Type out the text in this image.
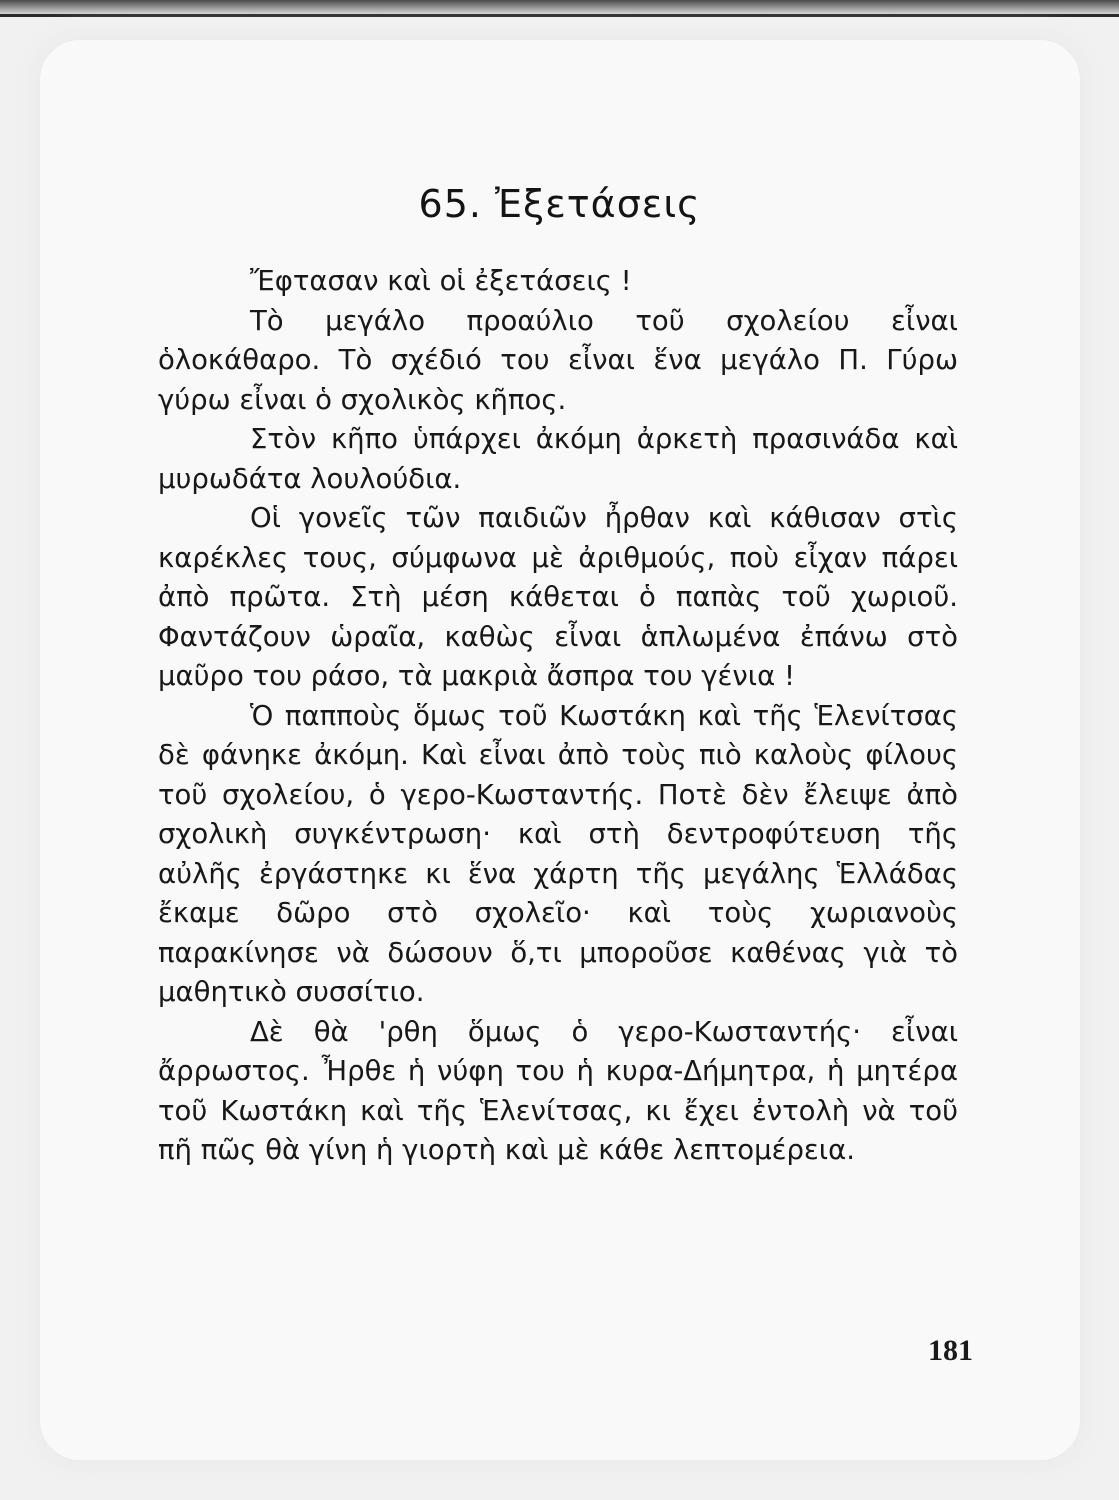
65. Ἐξετάσεις

Ἔφτασαν καὶ οἱ ἐξετάσεις !

Τὸ μεγάλο προαύλιο τοῦ σχολείου εἶναι ὁλοκάθαρο. Τὸ σχέδιό του εἶναι ἕνα μεγάλο Π. Γύρω γύρω εἶναι ὁ σχολικὸς κῆπος.

Στὸν κῆπο ὑπάρχει ἀκόμη ἀρκετὴ πρασινάδα καὶ μυρωδάτα λουλούδια.

Οἱ γονεῖς τῶν παιδιῶν ἦρθαν καὶ κάθισαν στὶς καρέκλες τους, σύμφωνα μὲ ἀριθμούς, ποὺ εἶχαν πάρει ἀπὸ πρῶτα. Στὴ μέση κάθεται ὁ παπὰς τοῦ χωριοῦ. Φαντάζουν ὡραῖα, καθὼς εἶναι ἁπλωμένα ἐπάνω στὸ μαῦρο του ράσο, τὰ μακριὰ ἄσπρα του γένια !

Ὁ παπποὺς ὅμως τοῦ Κωστάκη καὶ τῆς Ἑλενίτσας δὲ φάνηκε ἀκόμη. Καὶ εἶναι ἀπὸ τοὺς πιὸ καλοὺς φίλους τοῦ σχολείου, ὁ γερο-Κωσταντής. Ποτὲ δὲν ἔλειψε ἀπὸ σχολικὴ συγκέντρωση· καὶ στὴ δεντροφύτευση τῆς αὐλῆς ἐργάστηκε κι ἕνα χάρτη τῆς μεγάλης Ἑλλάδας ἔκαμε δῶρο στὸ σχολεῖο· καὶ τοὺς χωριανοὺς παρακίνησε νὰ δώσουν ὅ,τι μποροῦσε καθένας γιὰ τὸ μαθητικὸ συσσίτιο.

Δὲ θὰ 'ρθη ὅμως ὁ γερο-Κωσταντής· εἶναι ἄρρωστος. Ἦρθε ἡ νύφη του ἡ κυρα-Δήμητρα, ἡ μητέρα τοῦ Κωστάκη καὶ τῆς Ἑλενίτσας, κι ἔχει ἐντολὴ νὰ τοῦ πῆ πῶς θὰ γίνη ἡ γιορτὴ καὶ μὲ κάθε λεπτομέρεια.

181
